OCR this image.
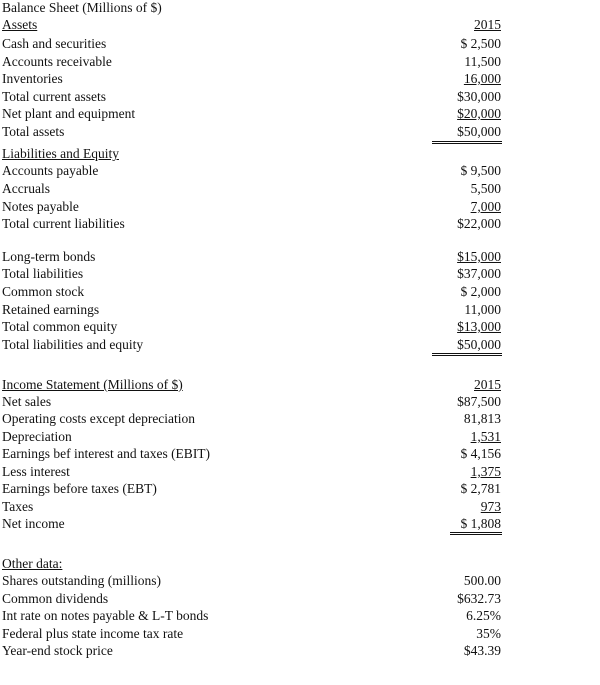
Balance Sheet (Millions of $)
Assets	2015
Cash and securities	$ 2,500
Accounts receivable	11,500
Inventories	16,000
Total current assets	$30,000
Net plant and equipment	$20,000
Total assets	$50,000
Liabilities and Equity
Accounts payable	$ 9,500
Accruals	5,500
Notes payable	7,000
Total current liabilities	$22,000
Long-term bonds	$15,000
Total liabilities	$37,000
Common stock	$ 2,000
Retained earnings	11,000
Total common equity	$13,000
Total liabilities and equity	$50,000
Income Statement (Millions of $)	2015
Net sales	$87,500
Operating costs except depreciation	81,813
Depreciation	1,531
Earnings bef interest and taxes (EBIT)	$ 4,156
Less interest	1,375
Earnings before taxes (EBT)	$ 2,781
Taxes	973
Net income	$ 1,808
Other data:
Shares outstanding (millions)	500.00
Common dividends	$632.73
Int rate on notes payable & L-T bonds	6.25%
Federal plus state income tax rate	35%
Year-end stock price	$43.39
